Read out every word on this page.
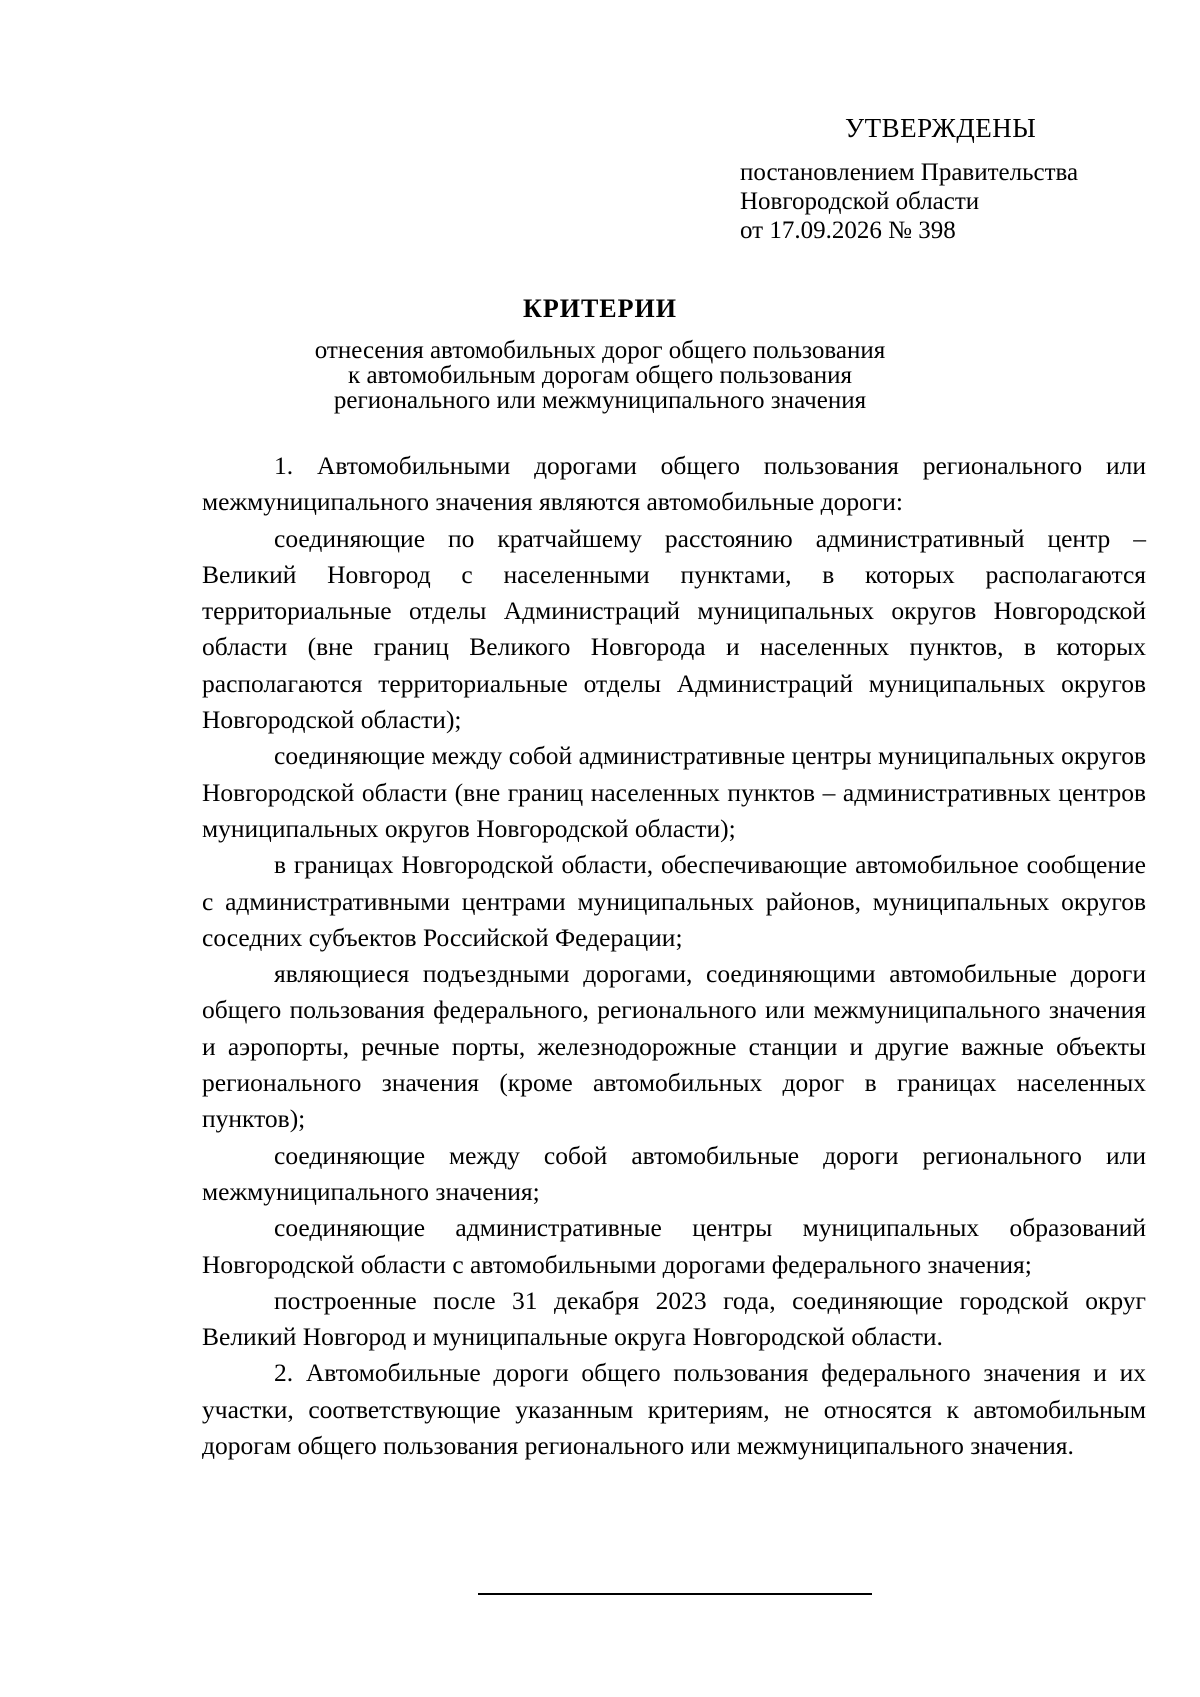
УТВЕРЖДЕНЫ
постановлением Правительства
Новгородской области
от 17.09.2026 № 398
КРИТЕРИИ
отнесения автомобильных дорог общего пользования
к автомобильным дорогам общего пользования
регионального или межмуниципального значения

1. Автомобильными дорогами общего пользования регионального или межмуниципального значения являются автомобильные дороги:

соединяющие по кратчайшему расстоянию административный центр – Великий Новгород с населенными пунктами, в которых располагаются территориальные отделы Администраций муниципальных округов Новгородской области (вне границ Великого Новгорода и населенных пунктов, в которых располагаются территориальные отделы Администраций муниципальных округов Новгородской области);

соединяющие между собой административные центры муниципальных округов Новгородской области (вне границ населенных пунктов – административных центров муниципальных округов Новгородской области);

в границах Новгородской области, обеспечивающие автомобильное сообщение с административными центрами муниципальных районов, муниципальных округов соседних субъектов Российской Федерации;

являющиеся подъездными дорогами, соединяющими автомобильные дороги общего пользования федерального, регионального или межмуниципального значения и аэропорты, речные порты, железнодорожные станции и другие важные объекты регионального значения (кроме автомобильных дорог в границах населенных пунктов);

соединяющие между собой автомобильные дороги регионального или межмуниципального значения;

соединяющие административные центры муниципальных образований Новгородской области с автомобильными дорогами федерального значения;

построенные после 31 декабря 2023 года, соединяющие городской округ Великий Новгород и муниципальные округа Новгородской области.

2. Автомобильные дороги общего пользования федерального значения и их участки, соответствующие указанным критериям, не относятся к автомобильным дорогам общего пользования регионального или межмуниципального значения.
